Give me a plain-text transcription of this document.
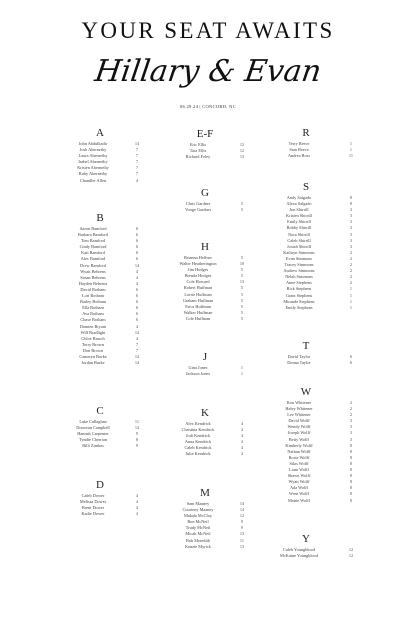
YOUR SEAT AWAITS
Hillary & Evan
06.29.24 | CONCORD, NC
A
John Abdulkadir	14
Josh Abernethy	7
Laura Abernethy	7
Isabel Abernethy	7
Kristen Abernethy	7
Ruby Abernethy	7
Chandler Allen	4
B
Aaron Bamford	6
Barbara Bamford	6
Tom Bamford	6
Cindy Bamford	6
Kati Bamford	6
Alec Bamford	6
Drew Bamford	14
Wyatt Behrens	4
Susan Behrens	4
Hayden Behrens	4
David Botham	6
Lori Botham	6
Bailey Botham	6
Ella Botham	6
Ava Botham	6
Chase Botham	6
Damien Bryant	4
Will Bradlight	14
Chloe Brasch	4
Terry Brown	7
Don Brown	7
Cameryn Burke	14
Jordan Burke	14
C
Luke Callaghan	11
Donovan Campbell	14
Hannah Carpenter	9
Tyndie Cherrian	8
Billi Zimbas	9
D
Caleb Dower	4
Melissa Dower	4
Brent Dower	4
Kadie Dower	4
E-F
Eric Ellis	12
Tara Ellis	12
Richard Foley	13
G
Chris Gardner	5
Vonge Gardner	5
H
Brianna Heffner	5
Walter Heatherington	10
Jim Hodges	5
Brenda Hodges	5
Cole Howard	13
Robert Huffman	5
Lorrie Huffman	5
Graham Huffman	5
Erica Huffman	5
Walker Huffman	5
Cole Huffman	5
J
Gina Jones	1
Jackson Jones	1
K
Alex Kendrick	4
Christina Kendrick	4
Jodi Kendrick	4
Anna Kendrick	4
Caleb Kendrick	4
Julia Kendrick	4
M
Sam Maaney	14
Courtney Maaney	14
Makala McCloy	12
Ron McNeil	9
Trudy McNeil	9
Micah McNeil	13
Bob Meredith	11
Kenzie Myrick	13
R
Terry Reece	1
Stan Reece	1
Andrea Ross	11
S
Andy Salgado	8
Alexa Salgado	8
Jon Shirrill	3
Kristen Shirrill	3
Emily Shirrill	3
Bobby Shirrill	3
Nora Shirrill	3
Caleb Shirrill	3
Josiah Shirrill	3
Kathryn Simmons	2
Evan Simmons	2
Tracey Simmons	2
Andrew Simmons	2
Nelah Simmons	2
Anne Stephens	2
Rick Stephens	1
Grant Stephens	1
Miranda Stephens	1
Emily Stephens	1
T
David Taylor	6
Donna Taylor	6
W
Ron Whitener	2
Haley Whitener	2
Lee Whitener	2
David Wolff	3
Wendy Wolff	3
Joseph Wolff	3
Betty Wolff	3
Kimberly Wolff	8
Nathan Wolff	8
Rosie Wolff	8
Silas Wolff	8
Liam Wolff	8
Shawn Wolff	8
Wyatt Wolff	8
Ada Wolff	8
Wren Wolff	8
Mattie Wolff	8
Y
Caleb Youngblood	12
McKaine Youngblood	12
